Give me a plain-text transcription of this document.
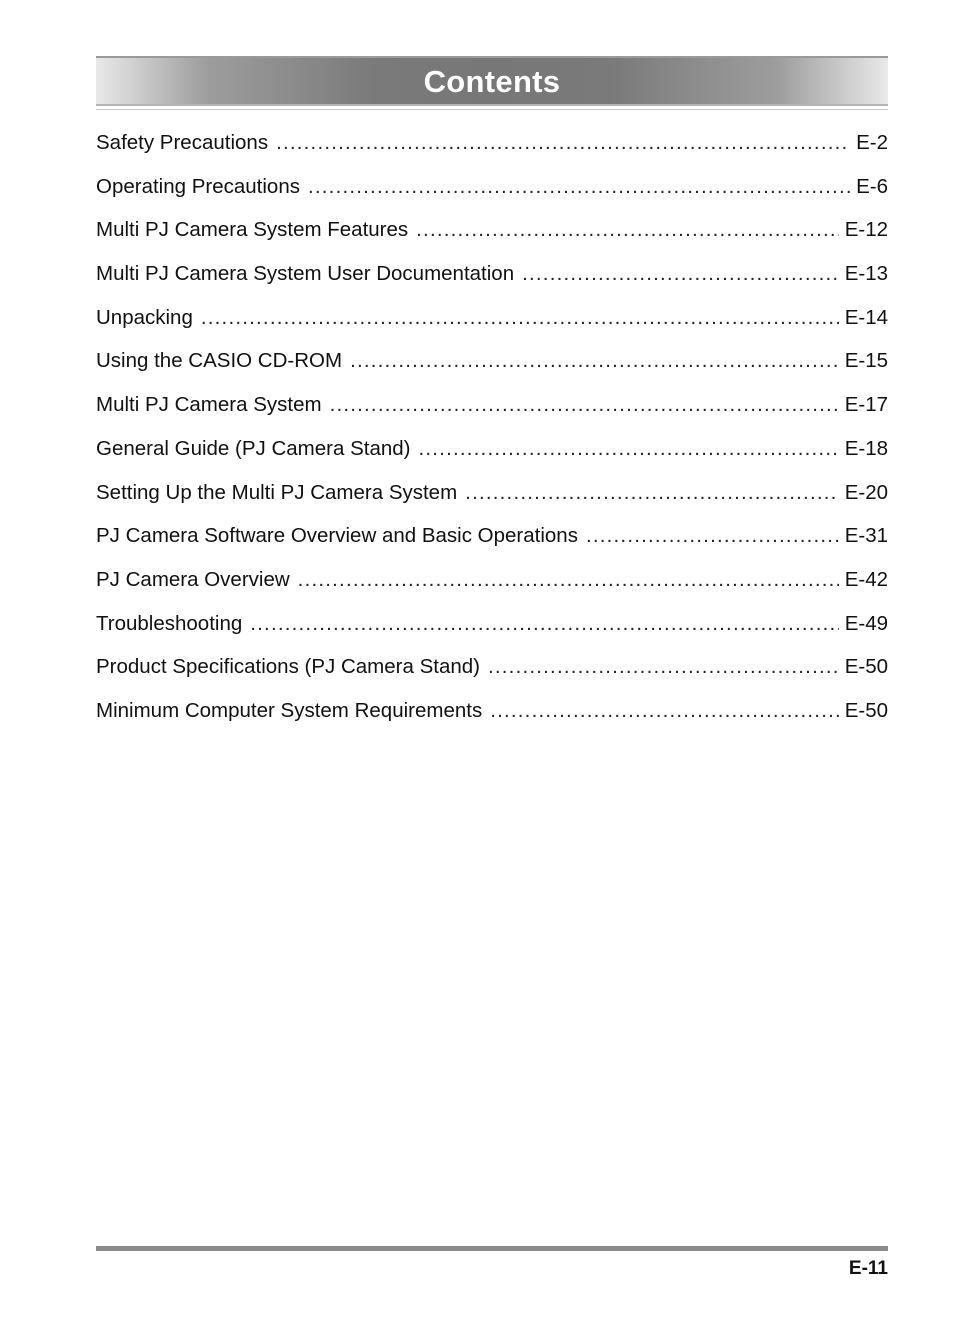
Contents
Safety Precautions .....	E-2
Operating Precautions .....	E-6
Multi PJ Camera System Features .....	E-12
Multi PJ Camera System User Documentation .....	E-13
Unpacking .....	E-14
Using the CASIO CD-ROM .....	E-15
Multi PJ Camera System .....	E-17
General Guide (PJ Camera Stand) .....	E-18
Setting Up the Multi PJ Camera System .....	E-20
PJ Camera Software Overview and Basic Operations .....	E-31
PJ Camera Overview .....	E-42
Troubleshooting .....	E-49
Product Specifications (PJ Camera Stand) .....	E-50
Minimum Computer System Requirements .....	E-50
E-11
